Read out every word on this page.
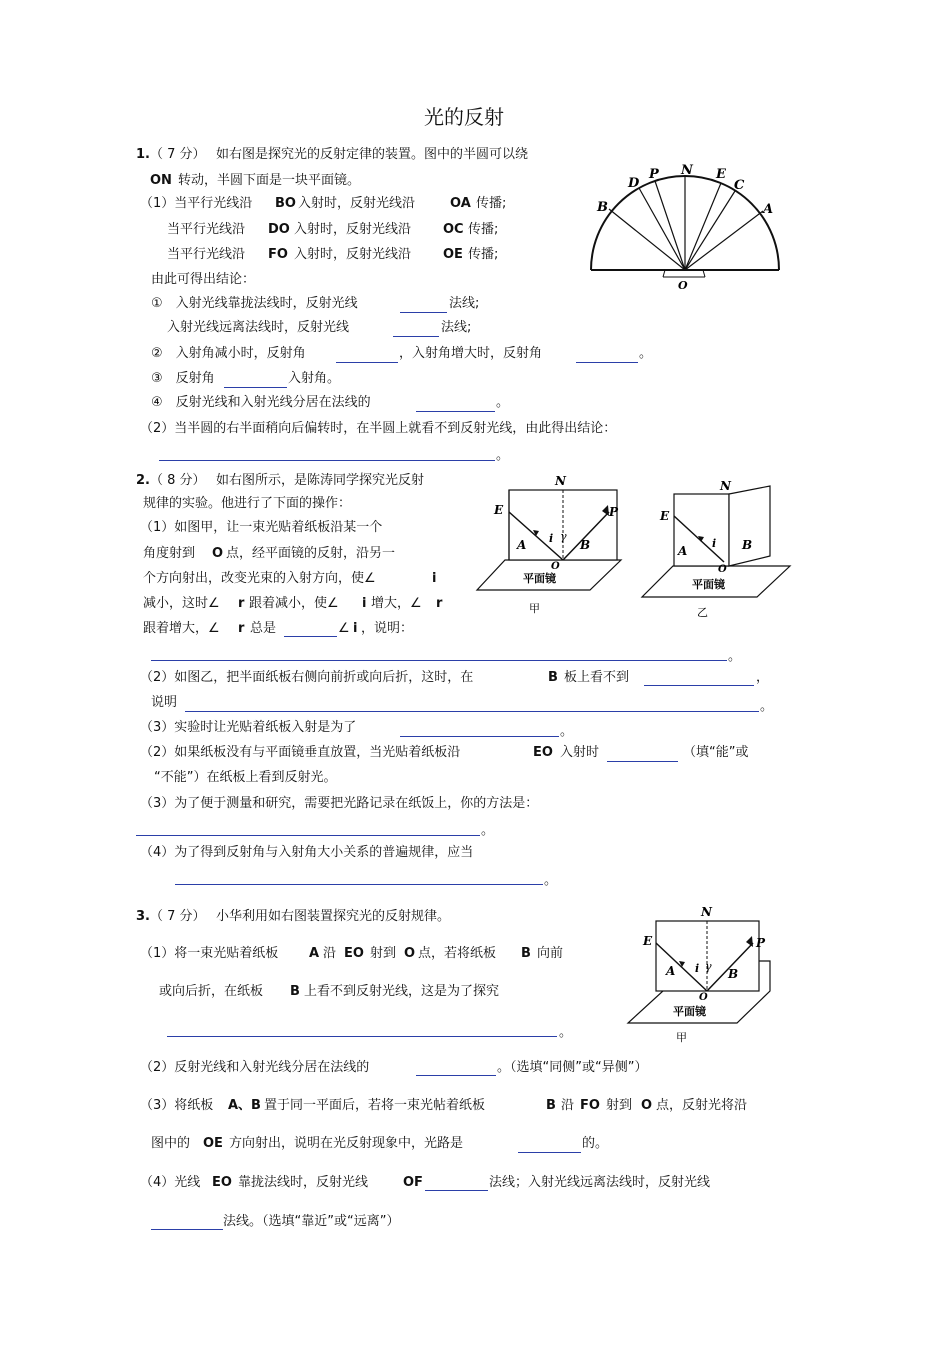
光的反射
1. （ 7 分） 如右图是探究光的反射定律的装置。图中的半圆可以绕
ON 转动，半圆下面是一块平面镜。
（1）当平行光线沿 BO 入射时，反射光线沿	OA 传播;
当平行光线沿 DO 入射时，反射光线沿 OC 传播;
当平行光线沿 FO 入射时，反射光线沿 OE 传播;
由此可得出结论：
①　入射光线靠拢法线时，反射光线	法线;
入射光线远离法线时，反射光线	法线;
②　入射角减小时，反射角	，入射角增大时，反射角	。
③　反射角	入射角。
④　反射光线和入射光线分居在法线的	。
（2）当半圆的右半面稍向后偏转时，在半圆上就看不到反射光线，由此得出结论：
。
N
P
D
E
C
B	A
O
2. （ 8 分） 如右图所示，是陈涛同学探究光反射
规律的实验。他进行了下面的操作：
（1）如图甲，让一束光贴着纸板沿某一个
角度射到 O 点，经平面镜的反射，沿另一
个方向射出，改变光束的入射方向，使∠	i
减小，这时∠ r 跟着减小，使∠ i 增大，∠ r
跟着增大，∠ r 总是	∠ i ，说明：
。
（2）如图乙，把半面纸板右侧向前折或向后折，这时，在	B 板上看不到	，
说明	。
（3）实验时让光贴着纸板入射是为了	。
（2）如果纸板没有与平面镜垂直放置，当光贴着纸板沿	EO 入射时	（填“能”或
“不能”）在纸板上看到反射光。
（3）为了便于测量和研究，需要把光路记录在纸饭上，你的方法是：
。
（4）为了得到反射角与入射角大小关系的普遍规律，应当
。
N
E	P
A	B
i γ
O
平面镜
甲
N
E
A	B
i
O
平面镜
乙
3. （ 7 分） 小华利用如右图装置探究光的反射规律。
（1）将一束光贴着纸板 A 沿 EO 射到 O 点，若将纸板 B 向前
或向后折，在纸板 B 上看不到反射光线，这是为了探究
。
（2）反射光线和入射光线分居在法线的	。（选填“同侧”或“异侧”）
（3）将纸板 A、B 置于同一平面后，若将一束光帖着纸板	B 沿 FO 射到 O 点，反射光将沿
图中的 OE 方向射出，说明在光反射现象中，光路是	的。
（4）光线 EO 靠拢法线时，反射光线	OF	法线；入射光线远离法线时，反射光线
法线。（选填“靠近”或“远离”）
N
E	P
A	B
i γ
O
平面镜
甲
